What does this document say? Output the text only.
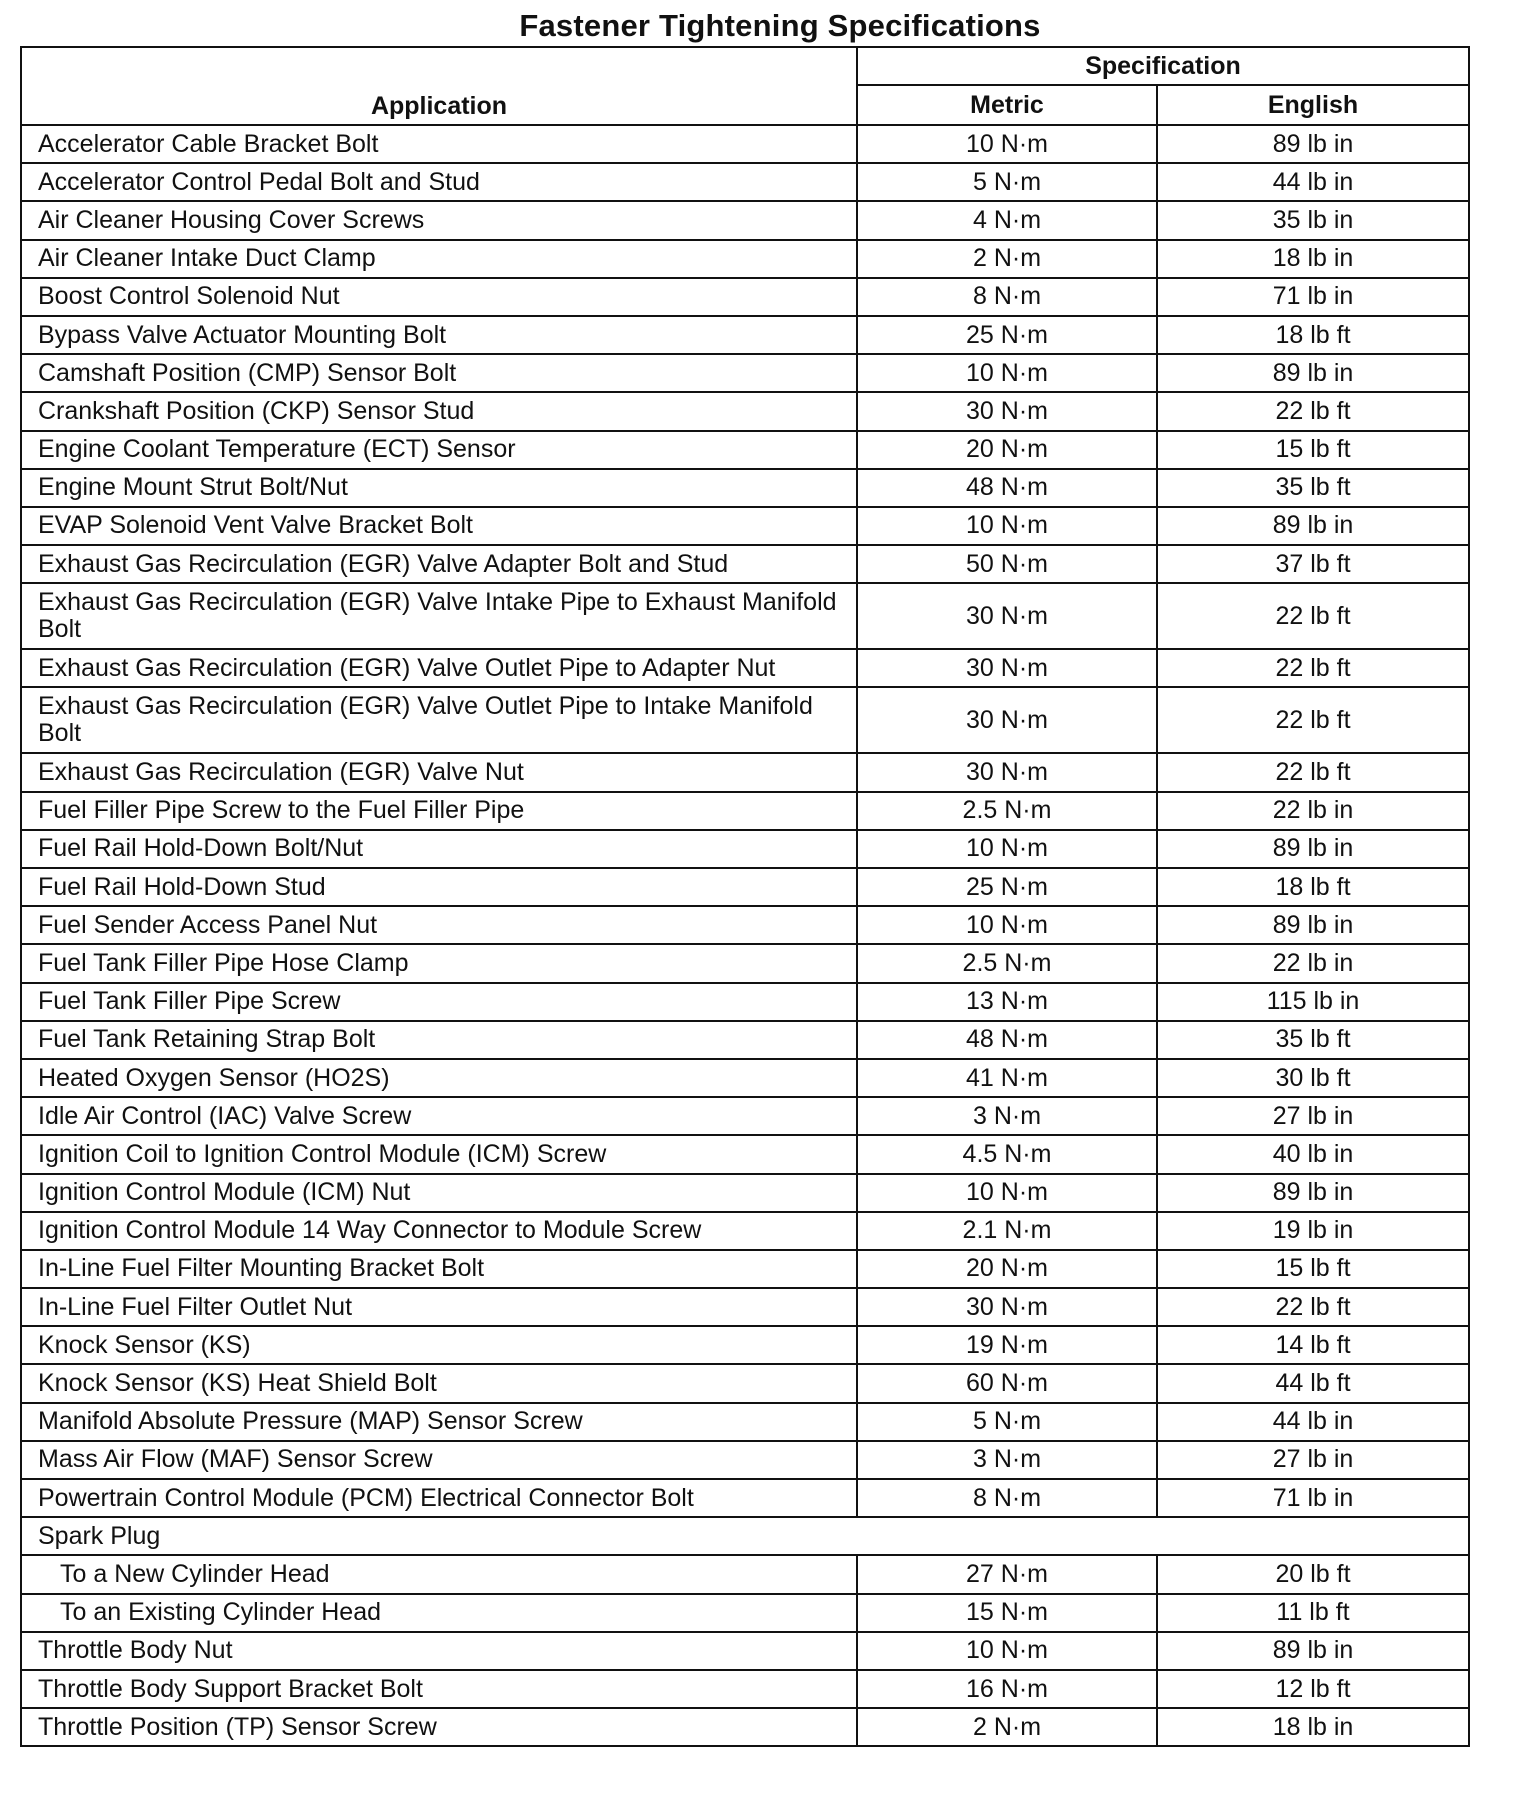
Fastener Tightening Specifications
Application	Specification	
	Metric	English
Accelerator Cable Bracket Bolt	10 N·m	89 lb in
Accelerator Control Pedal Bolt and Stud	5 N·m	44 lb in
Air Cleaner Housing Cover Screws	4 N·m	35 lb in
Air Cleaner Intake Duct Clamp	2 N·m	18 lb in
Boost Control Solenoid Nut	8 N·m	71 lb in
Bypass Valve Actuator Mounting Bolt	25 N·m	18 lb ft
Camshaft Position (CMP) Sensor Bolt	10 N·m	89 lb in
Crankshaft Position (CKP) Sensor Stud	30 N·m	22 lb ft
Engine Coolant Temperature (ECT) Sensor	20 N·m	15 lb ft
Engine Mount Strut Bolt/Nut	48 N·m	35 lb ft
EVAP Solenoid Vent Valve Bracket Bolt	10 N·m	89 lb in
Exhaust Gas Recirculation (EGR) Valve Adapter Bolt and Stud	50 N·m	37 lb ft
Exhaust Gas Recirculation (EGR) Valve Intake Pipe to Exhaust Manifold Bolt	30 N·m	22 lb ft
Exhaust Gas Recirculation (EGR) Valve Outlet Pipe to Adapter Nut	30 N·m	22 lb ft
Exhaust Gas Recirculation (EGR) Valve Outlet Pipe to Intake Manifold Bolt	30 N·m	22 lb ft
Exhaust Gas Recirculation (EGR) Valve Nut	30 N·m	22 lb ft
Fuel Filler Pipe Screw to the Fuel Filler Pipe	2.5 N·m	22 lb in
Fuel Rail Hold-Down Bolt/Nut	10 N·m	89 lb in
Fuel Rail Hold-Down Stud	25 N·m	18 lb ft
Fuel Sender Access Panel Nut	10 N·m	89 lb in
Fuel Tank Filler Pipe Hose Clamp	2.5 N·m	22 lb in
Fuel Tank Filler Pipe Screw	13 N·m	115 lb in
Fuel Tank Retaining Strap Bolt	48 N·m	35 lb ft
Heated Oxygen Sensor (HO2S)	41 N·m	30 lb ft
Idle Air Control (IAC) Valve Screw	3 N·m	27 lb in
Ignition Coil to Ignition Control Module (ICM) Screw	4.5 N·m	40 lb in
Ignition Control Module (ICM) Nut	10 N·m	89 lb in
Ignition Control Module 14 Way Connector to Module Screw	2.1 N·m	19 lb in
In-Line Fuel Filter Mounting Bracket Bolt	20 N·m	15 lb ft
In-Line Fuel Filter Outlet Nut	30 N·m	22 lb ft
Knock Sensor (KS)	19 N·m	14 lb ft
Knock Sensor (KS) Heat Shield Bolt	60 N·m	44 lb ft
Manifold Absolute Pressure (MAP) Sensor Screw	5 N·m	44 lb in
Mass Air Flow (MAF) Sensor Screw	3 N·m	27 lb in
Powertrain Control Module (PCM) Electrical Connector Bolt	8 N·m	71 lb in
Spark Plug		
To a New Cylinder Head	27 N·m	20 lb ft
To an Existing Cylinder Head	15 N·m	11 lb ft
Throttle Body Nut	10 N·m	89 lb in
Throttle Body Support Bracket Bolt	16 N·m	12 lb ft
Throttle Position (TP) Sensor Screw	2 N·m	18 lb in
